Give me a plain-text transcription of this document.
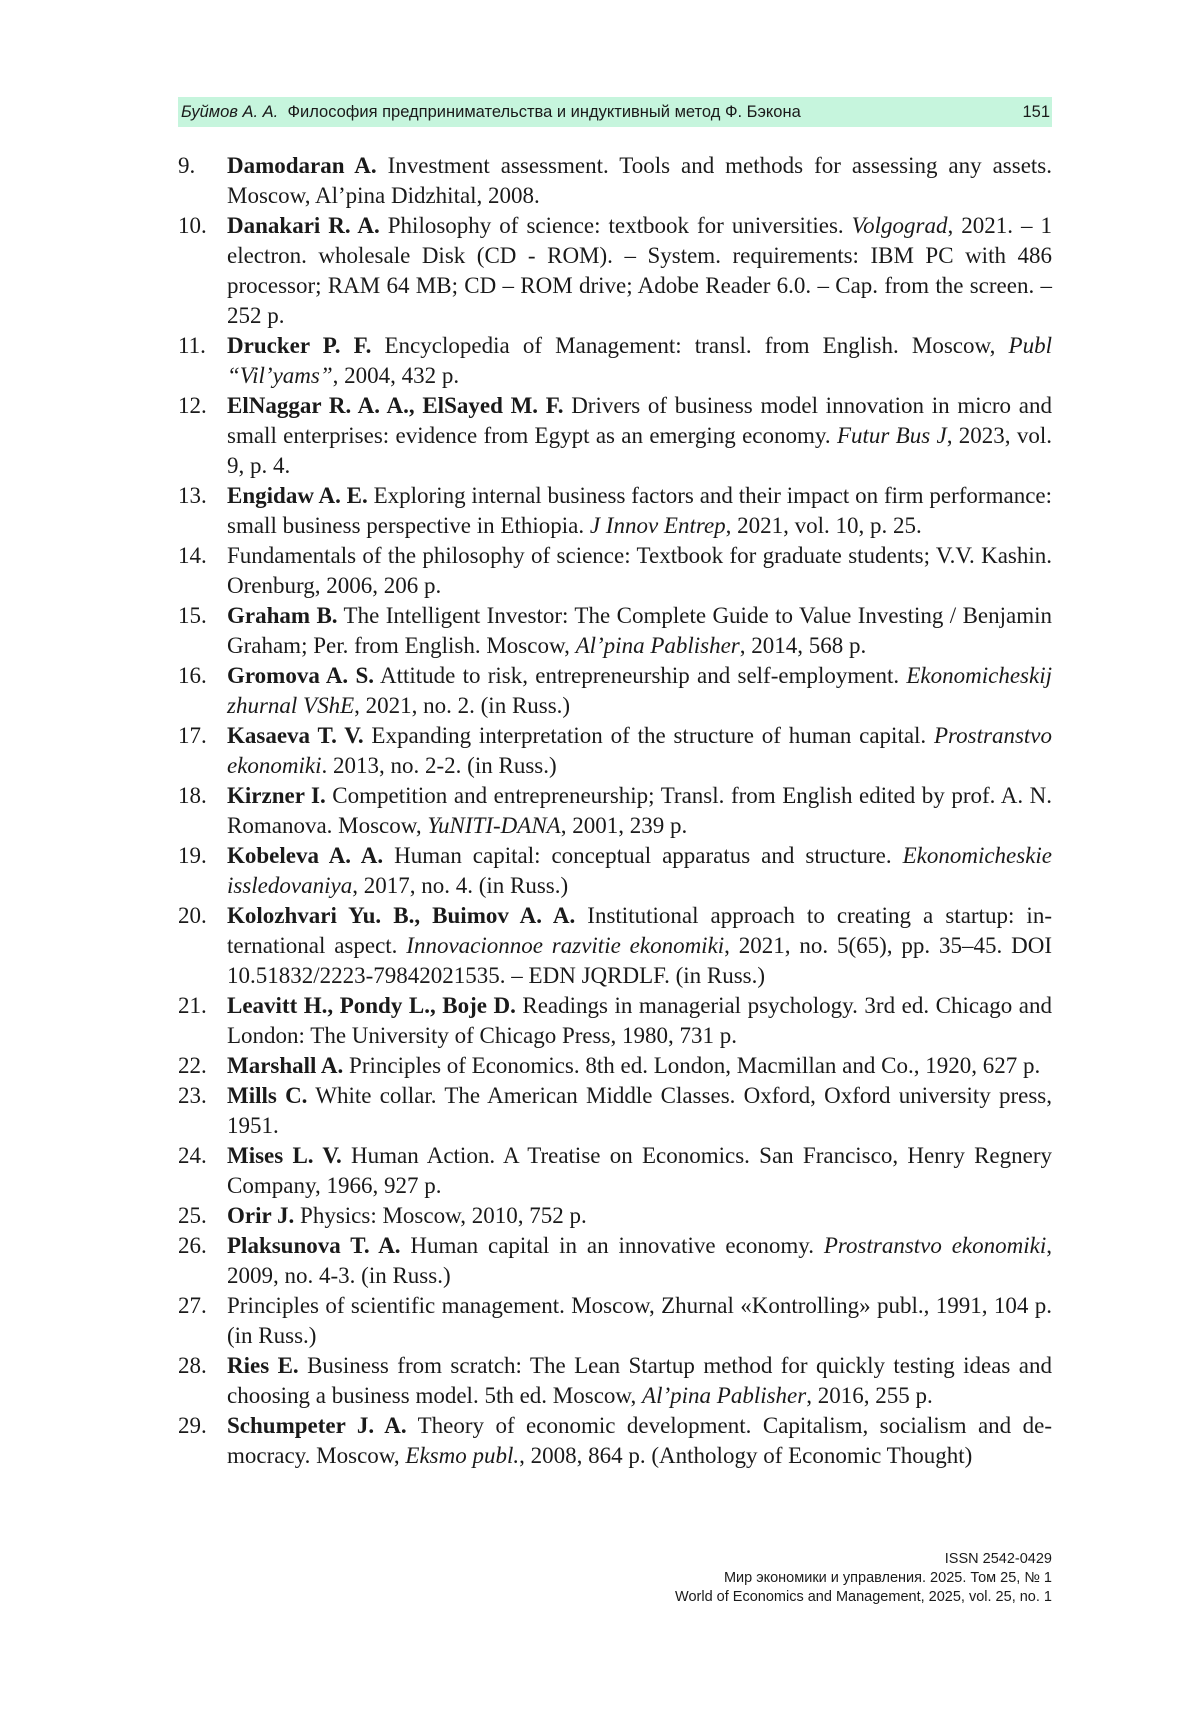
Буймов А. А. Философия предпринимательства и индуктивный метод Ф. Бэкона	151
9. Damodaran A. Investment assessment. Tools and methods for assessing any assets. Moscow, Al’pina Didzhital, 2008.
10. Danakari R. A. Philosophy of science: textbook for universities. Volgograd, 2021. – 1 electron. wholesale Disk (CD - ROM). – System. requirements: IBM PC with 486 processor; RAM 64 MB; CD – ROM drive; Adobe Reader 6.0. – Cap. from the screen. – 252 p.
11. Drucker P. F. Encyclopedia of Management: transl. from English. Moscow, Publ “Vil’yams”, 2004, 432 p.
12. ElNaggar R. A. A., ElSayed M. F. Drivers of business model innovation in micro and small enterprises: evidence from Egypt as an emerging economy. Futur Bus J, 2023, vol. 9, p. 4.
13. Engidaw A. E. Exploring internal business factors and their impact on firm performance: small business perspective in Ethiopia. J Innov Entrep, 2021, vol. 10, p. 25.
14. Fundamentals of the philosophy of science: Textbook for graduate students; V.V. Kashin. Orenburg, 2006, 206 p.
15. Graham B. The Intelligent Investor: The Complete Guide to Value Investing / Benjamin Graham; Per. from English. Moscow, Al’pina Pablisher, 2014, 568 p.
16. Gromova A. S. Attitude to risk, entrepreneurship and self-employment. Ekonomicheskij zhurnal VShE, 2021, no. 2. (in Russ.)
17. Kasaeva T. V. Expanding interpretation of the structure of human capital. Prostranstvo ekonomiki. 2013, no. 2-2. (in Russ.)
18. Kirzner I. Competition and entrepreneurship; Transl. from English edited by prof. A. N. Romanova. Moscow, YuNITI-DANA, 2001, 239 p.
19. Kobeleva A. A. Human capital: conceptual apparatus and structure. Ekonomicheskie issledovaniya, 2017, no. 4. (in Russ.)
20. Kolozhvari Yu. B., Buimov A. A. Institutional approach to creating a startup: international aspect. Innovacionnoe razvitie ekonomiki, 2021, no. 5(65), pp. 35–45. DOI 10.51832/2223-79842021535. – EDN JQRDLF. (in Russ.)
21. Leavitt H., Pondy L., Boje D. Readings in managerial psychology. 3rd ed. Chicago and London: The University of Chicago Press, 1980, 731 p.
22. Marshall A. Principles of Economics. 8th ed. London, Macmillan and Co., 1920, 627 p.
23. Mills C. White collar. The American Middle Classes. Oxford, Oxford university press, 1951.
24. Mises L. V. Human Action. A Treatise on Economics. San Francisco, Henry Regnery Company, 1966, 927 p.
25. Orir J. Physics: Moscow, 2010, 752 p.
26. Plaksunova T. A. Human capital in an innovative economy. Prostranstvo ekonomiki, 2009, no. 4-3. (in Russ.)
27. Principles of scientific management. Moscow, Zhurnal «Kontrolling» publ., 1991, 104 p. (in Russ.)
28. Ries E. Business from scratch: The Lean Startup method for quickly testing ideas and choosing a business model. 5th ed. Moscow, Al’pina Pablisher, 2016, 255 p.
29. Schumpeter J. A. Theory of economic development. Capitalism, socialism and democracy. Moscow, Eksmo publ., 2008, 864 p. (Anthology of Economic Thought)
ISSN 2542-0429
Мир экономики и управления. 2025. Том 25, № 1
World of Economics and Management, 2025, vol. 25, no. 1
